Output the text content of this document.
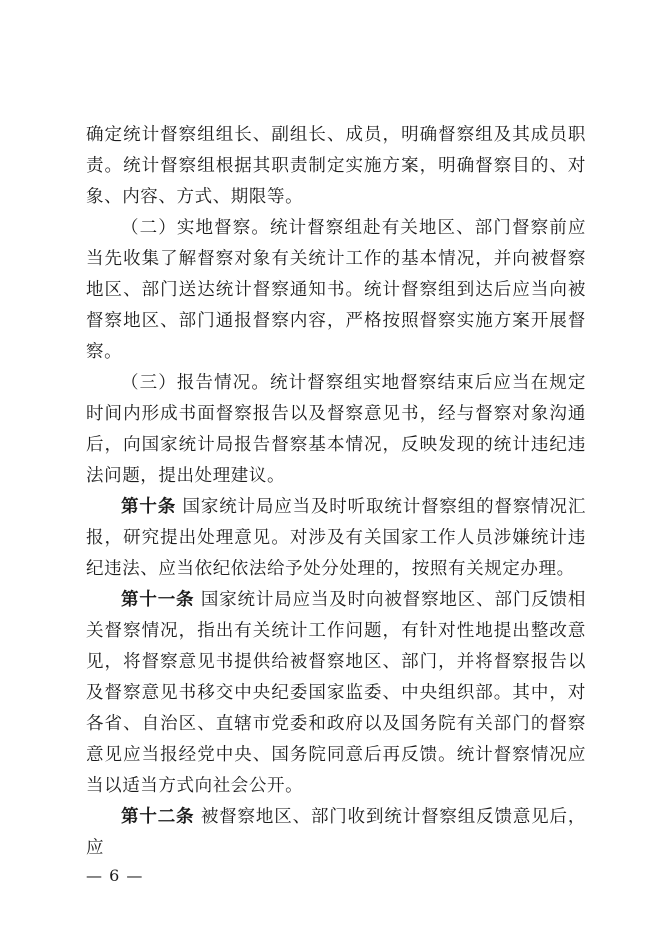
确定统计督察组组长、副组长、成员，明确督察组及其成员职责。统计督察组根据其职责制定实施方案，明确督察目的、对象、内容、方式、期限等。

（二）实地督察。统计督察组赴有关地区、部门督察前应当先收集了解督察对象有关统计工作的基本情况，并向被督察地区、部门送达统计督察通知书。统计督察组到达后应当向被督察地区、部门通报督察内容，严格按照督察实施方案开展督察。

（三）报告情况。统计督察组实地督察结束后应当在规定时间内形成书面督察报告以及督察意见书，经与督察对象沟通后，向国家统计局报告督察基本情况，反映发现的统计违纪违法问题，提出处理建议。

第十条 国家统计局应当及时听取统计督察组的督察情况汇报，研究提出处理意见。对涉及有关国家工作人员涉嫌统计违纪违法、应当依纪依法给予处分处理的，按照有关规定办理。

第十一条 国家统计局应当及时向被督察地区、部门反馈相关督察情况，指出有关统计工作问题，有针对性地提出整改意见，将督察意见书提供给被督察地区、部门，并将督察报告以及督察意见书移交中央纪委国家监委、中央组织部。其中，对各省、自治区、直辖市党委和政府以及国务院有关部门的督察意见应当报经党中央、国务院同意后再反馈。统计督察情况应当以适当方式向社会公开。

第十二条 被督察地区、部门收到统计督察组反馈意见后，应

— 6 —
